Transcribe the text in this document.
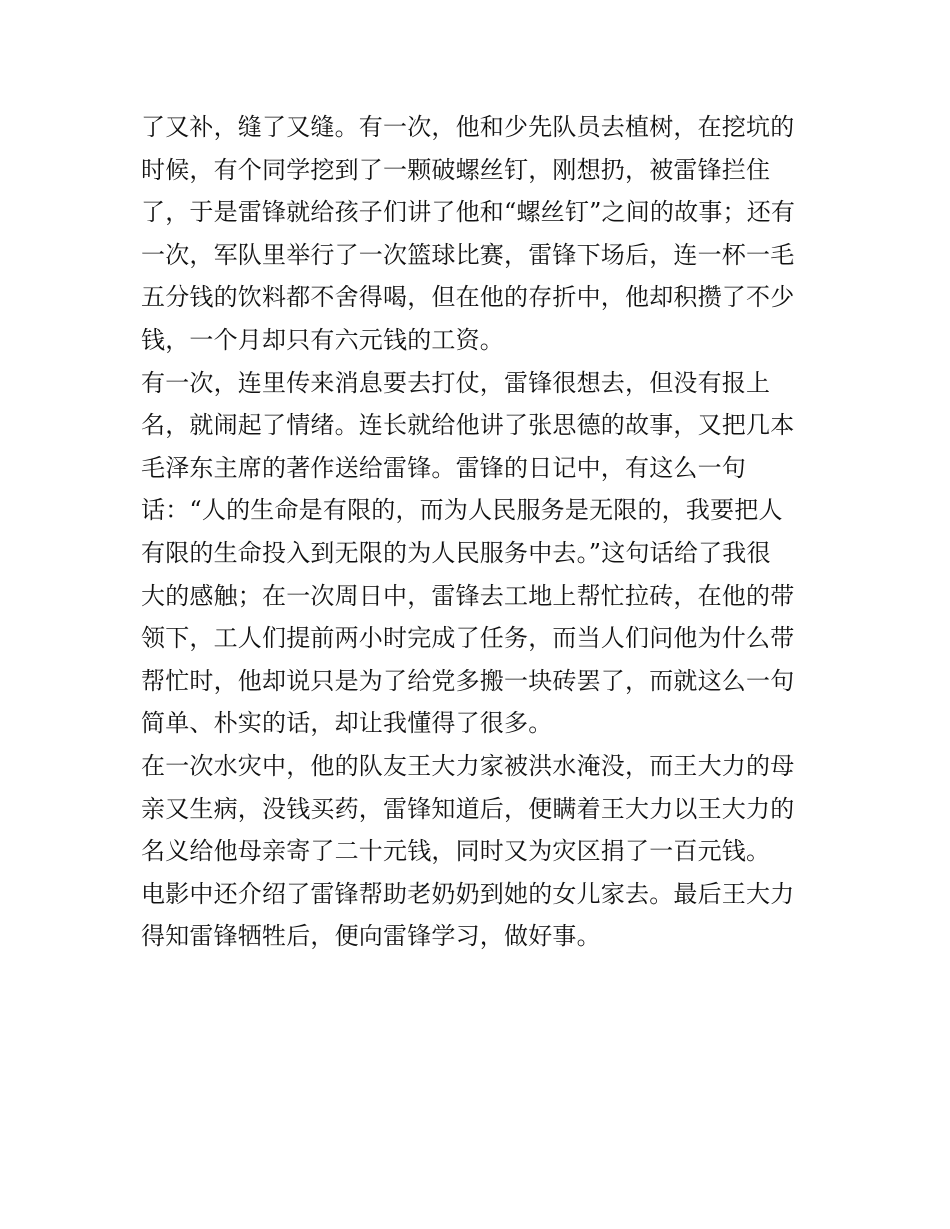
了又补，缝了又缝。有一次，他和少先队员去植树，在挖坑的
时候，有个同学挖到了一颗破螺丝钉，刚想扔，被雷锋拦住
了，于是雷锋就给孩子们讲了他和“螺丝钉”之间的故事；还有
一次，军队里举行了一次篮球比赛，雷锋下场后，连一杯一毛
五分钱的饮料都不舍得喝，但在他的存折中，他却积攒了不少
钱，一个月却只有六元钱的工资。
有一次，连里传来消息要去打仗，雷锋很想去，但没有报上
名，就闹起了情绪。连长就给他讲了张思德的故事，又把几本
毛泽东主席的著作送给雷锋。雷锋的日记中，有这么一句
话：“人的生命是有限的，而为人民服务是无限的，我要把人
有限的生命投入到无限的为人民服务中去。”这句话给了我很
大的感触；在一次周日中，雷锋去工地上帮忙拉砖，在他的带
领下，工人们提前两小时完成了任务，而当人们问他为什么带
帮忙时，他却说只是为了给党多搬一块砖罢了，而就这么一句
简单、朴实的话，却让我懂得了很多。
在一次水灾中，他的队友王大力家被洪水淹没，而王大力的母
亲又生病，没钱买药，雷锋知道后，便瞒着王大力以王大力的
名义给他母亲寄了二十元钱，同时又为灾区捐了一百元钱。
电影中还介绍了雷锋帮助老奶奶到她的女儿家去。最后王大力
得知雷锋牺牲后，便向雷锋学习，做好事。
